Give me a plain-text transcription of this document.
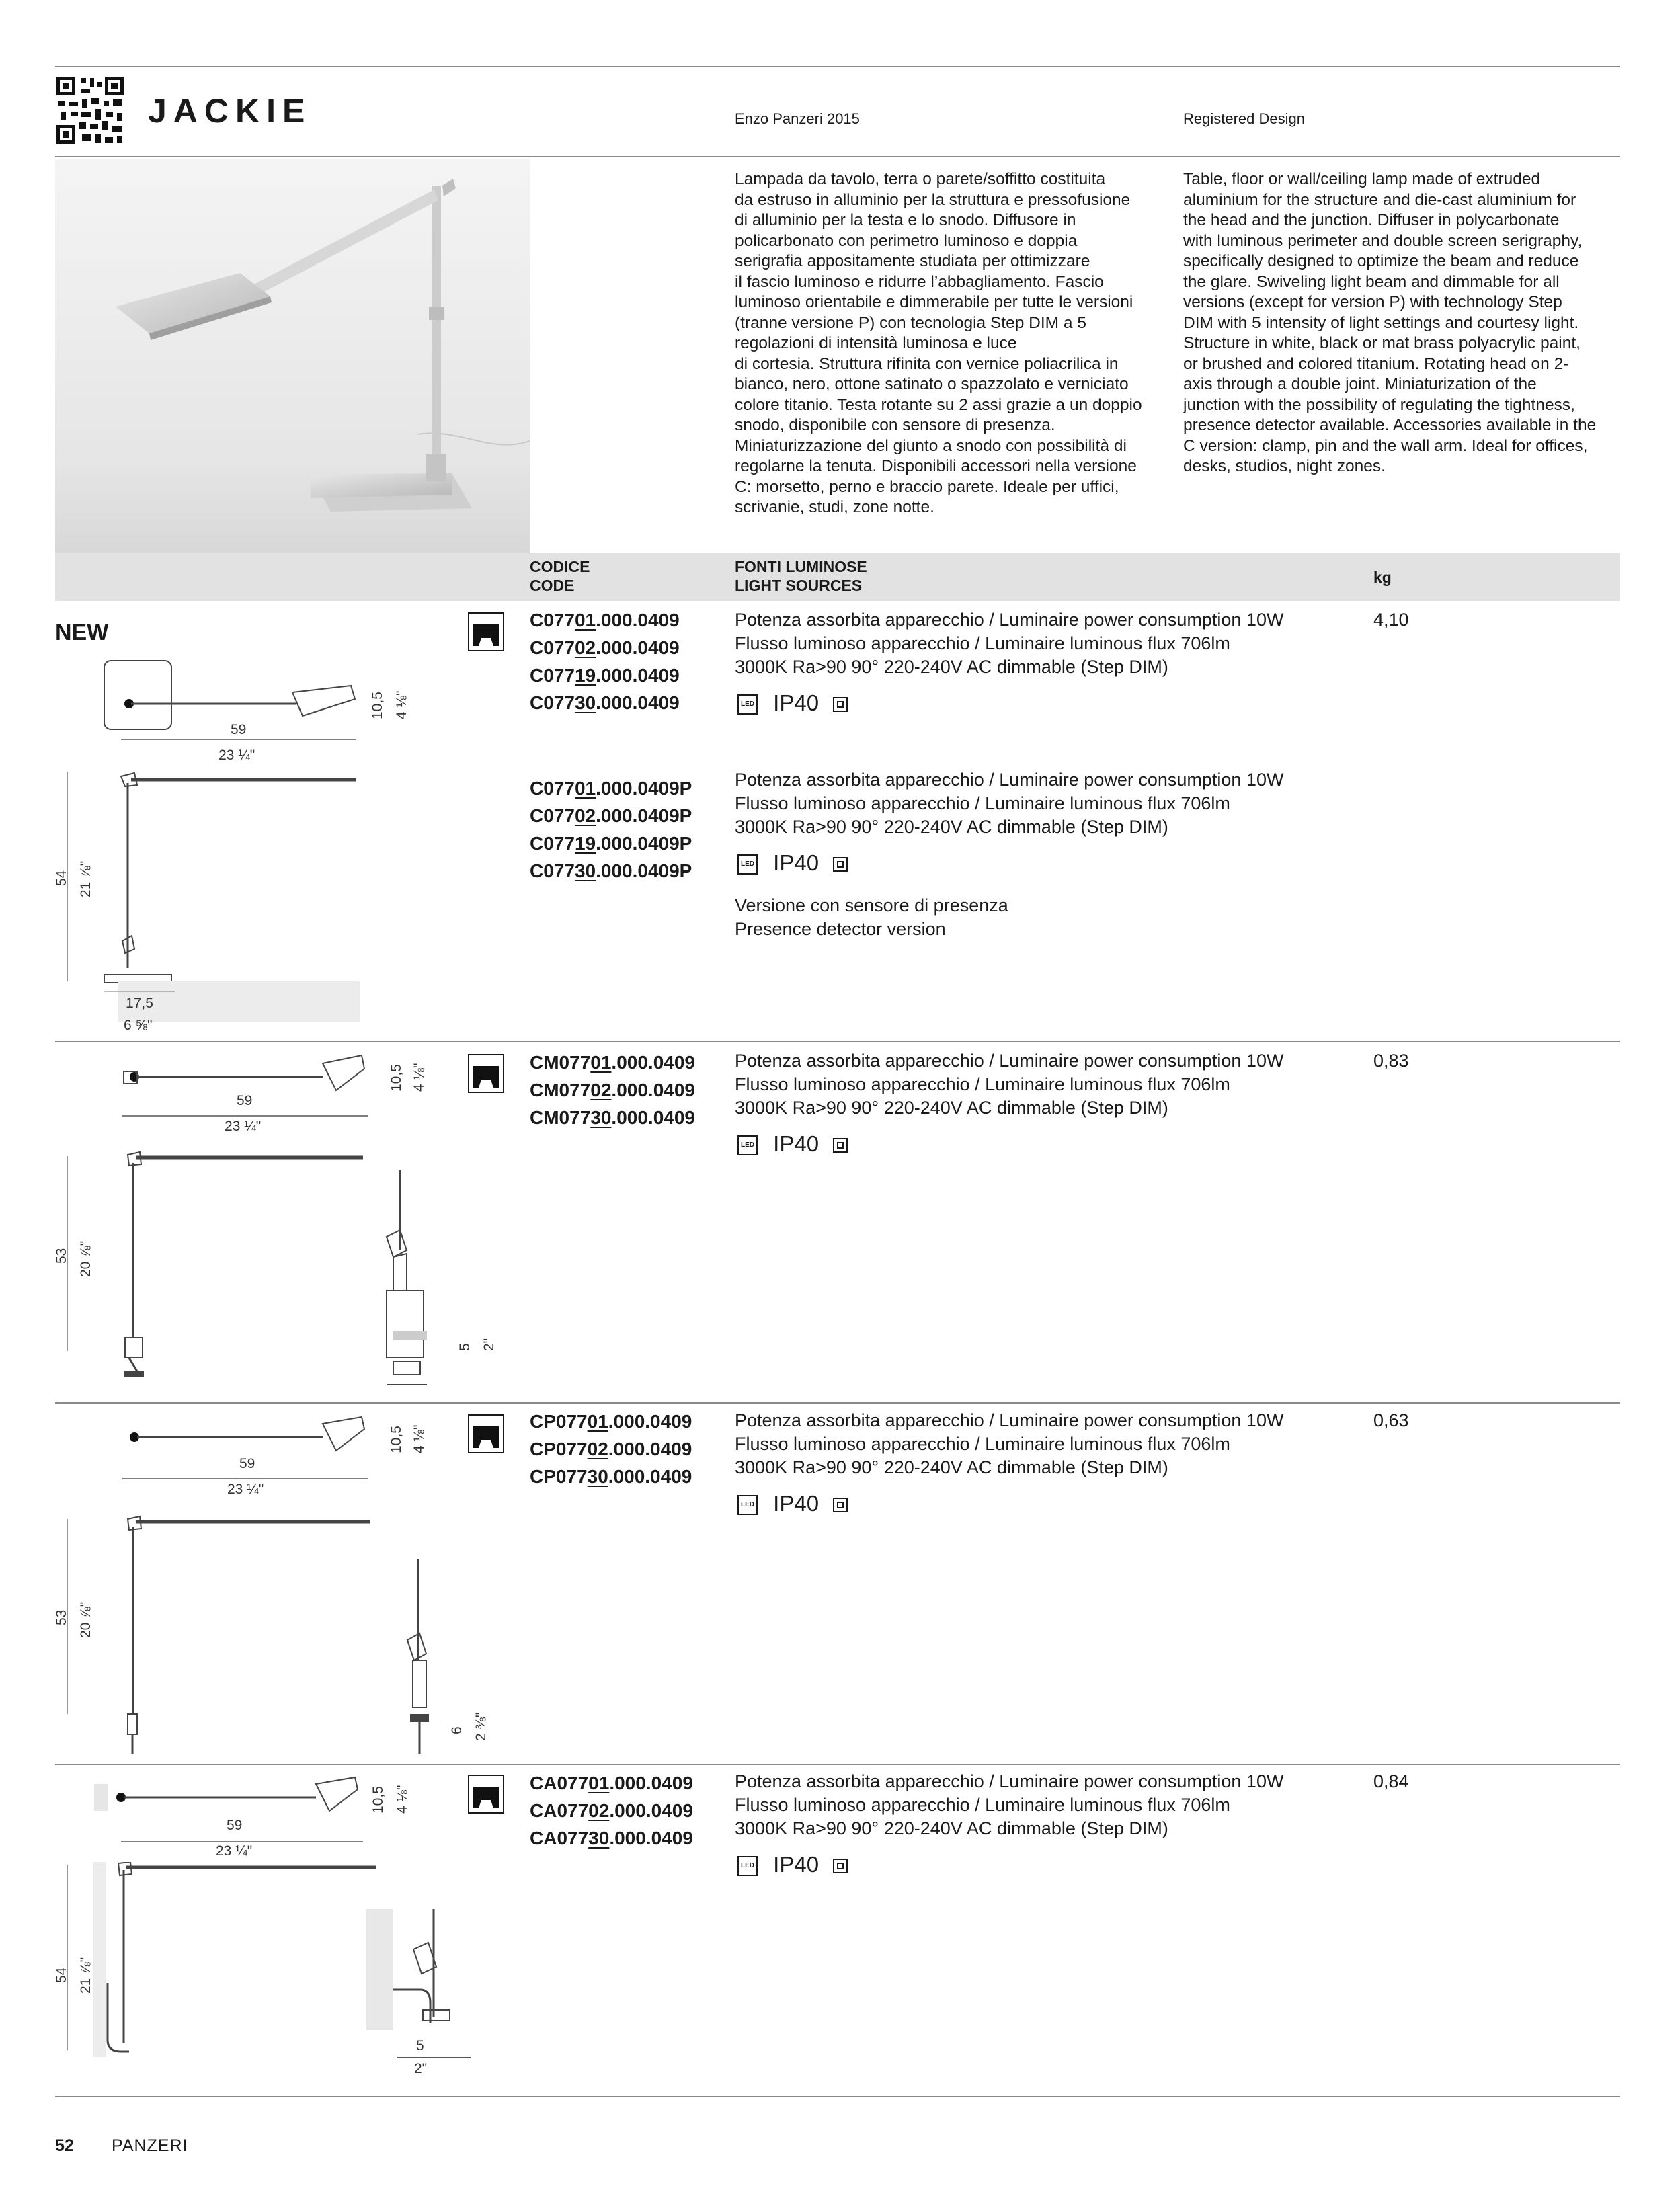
JACKIE	Enzo Panzeri 2015	Registered Design
Lampada da tavolo, terra o parete/soffitto costituita
da estruso in alluminio per la struttura e pressofusione
di alluminio per la testa e lo snodo. Diffusore in
policarbonato con perimetro luminoso e doppia
serigrafia appositamente studiata per ottimizzare
il fascio luminoso e ridurre l’abbagliamento. Fascio
luminoso orientabile e dimmerabile per tutte le versioni
(tranne versione P) con tecnologia Step DIM a 5
regolazioni di intensità luminosa e luce
di cortesia. Struttura rifinita con vernice poliacrilica in
bianco, nero, ottone satinato o spazzolato e verniciato
colore titanio. Testa rotante su 2 assi grazie a un doppio
snodo, disponibile con sensore di presenza.
Miniaturizzazione del giunto a snodo con possibilità di
regolarne la tenuta. Disponibili accessori nella versione
C: morsetto, perno e braccio parete. Ideale per uffici,
scrivanie, studi, zone notte.
Table, floor or wall/ceiling lamp made of extruded
aluminium for the structure and die-cast aluminium for
the head and the junction. Diffuser in polycarbonate
with luminous perimeter and double screen serigraphy,
specifically designed to optimize the beam and reduce
the glare. Swiveling light beam and dimmable for all
versions (except for version P) with technology Step
DIM with 5 intensity of light settings and courtesy light.
Structure in white, black or mat brass polyacrylic paint,
or brushed and colored titanium. Rotating head on 2-
axis through a double joint. Miniaturization of the
junction with the possibility of regulating the tightness,
presence detector available. Accessories available in the
C version: clamp, pin and the wall arm. Ideal for offices,
desks, studios, night zones.
CODICE
CODE
FONTI LUMINOSE
LIGHT SOURCES	kg
NEW	C07701.000.0409
C07702.000.0409
C07719.000.0409
C07730.000.0409
Potenza assorbita apparecchio / Luminaire power consumption 10W
Flusso luminoso apparecchio / Luminaire luminous flux 706lm
3000K Ra>90 90° 220-240V AC dimmable (Step DIM)
LED IP40
4,10
59
23 ¼"
10,5 4 ⅛"
54 21 ⅞"
17,5
6 ⅝"
C07701.000.0409P
C07702.000.0409P
C07719.000.0409P
C07730.000.0409P
Potenza assorbita apparecchio / Luminaire power consumption 10W
Flusso luminoso apparecchio / Luminaire luminous flux 706lm
3000K Ra>90 90° 220-240V AC dimmable (Step DIM)
LED IP40
Versione con sensore di presenza
Presence detector version
CM07701.000.0409
CM07702.000.0409
CM07730.000.0409
Potenza assorbita apparecchio / Luminaire power consumption 10W
Flusso luminoso apparecchio / Luminaire luminous flux 706lm
3000K Ra>90 90° 220-240V AC dimmable (Step DIM)
LED IP40
0,83
59
23 ¼"
10,5 4 ⅛"
53 20 ⅞"
5 2"
CP07701.000.0409
CP07702.000.0409
CP07730.000.0409
Potenza assorbita apparecchio / Luminaire power consumption 10W
Flusso luminoso apparecchio / Luminaire luminous flux 706lm
3000K Ra>90 90° 220-240V AC dimmable (Step DIM)
LED IP40
0,63
59
23 ¼"
10,5 4 ⅛"
53 20 ⅞"
6 2 ⅜"
CA07701.000.0409
CA07702.000.0409
CA07730.000.0409
Potenza assorbita apparecchio / Luminaire power consumption 10W
Flusso luminoso apparecchio / Luminaire luminous flux 706lm
3000K Ra>90 90° 220-240V AC dimmable (Step DIM)
LED IP40
0,84
59
23 ¼"
10,5 4 ⅛"
54 21 ⅞"
5
2"
52 PANZERI
